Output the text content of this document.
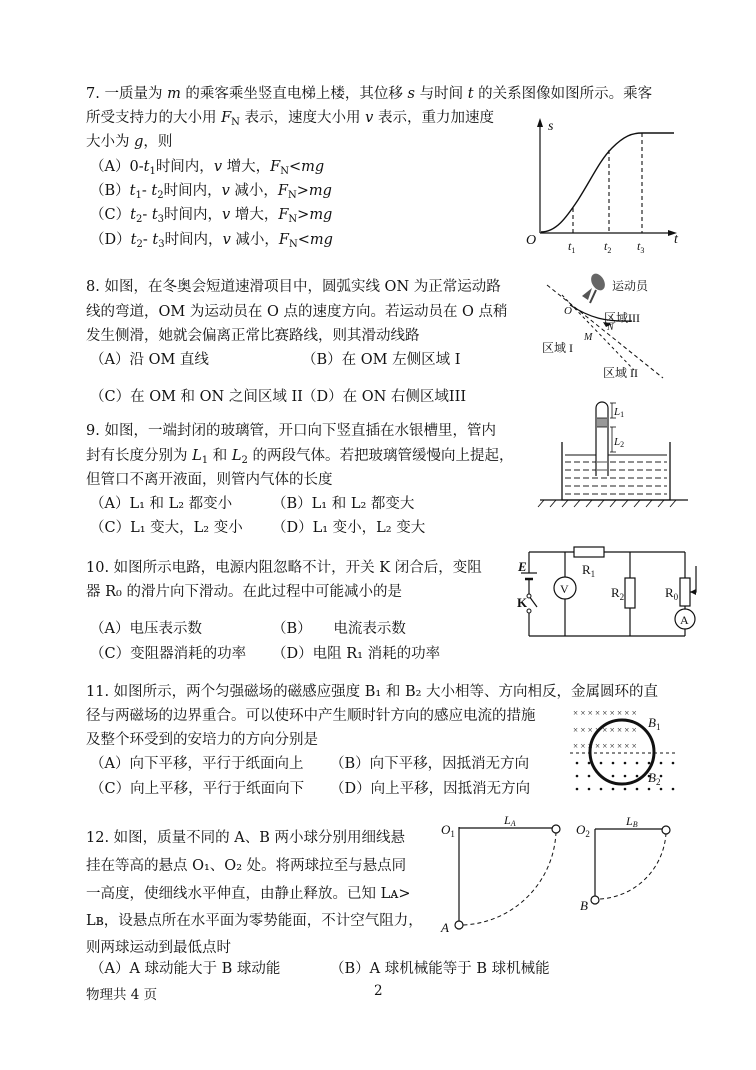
7. 一质量为 m 的乘客乘坐竖直电梯上楼，其位移 s 与时间 t 的关系图像如图所示。乘客
所受支持力的大小用 $F_N$ 表示，速度大小用 v 表示，重力加速度
大小为 g，则
$(A)0-t_1$时间内，v 增大，$F_N<mg$
$(B)t_1-$ $t_2$时间内，v 减小，$F_N>mg$
$(C)t_2-$ $t_3$时间内，v 增大，$F_N>mg$
$(D)t_2-$ $t_3$时间内，v 减小，$F_N<mg$
s
t
O	$t_1$ $t_2$ $t_3$
8. 如图，在冬奥会短道速滑项目中，圆弧实线 ON 为正常运动路
线的弯道，OM 为运动员在 O 点的速度方向。若运动员在 O 点稍
发生侧滑，她就会偏离正常比赛路线，则其滑动线路
（A）沿 OM 直线	（B）在 OM 左侧区域 I
（C）在 OM 和 ON 之间区域 II （D）在 ON 右侧区域III
运动员
O
N
M
区域III
区域 I
区域 II
9. 如图，一端封闭的玻璃管，开口向下竖直插在水银槽里，管内
封有长度分别为 $L_1$ 和 $L_2$ 的两段气体。若把玻璃管缓慢向上提起，
但管口不离开液面，则管内气体的长度
（A）L₁ 和 L₂ 都变小	（B）L₁ 和 L₂ 都变大
（C）L₁ 变大，L₂ 变小 （D）L₁ 变小，L₂ 变大
L1
L2
10. 如图所示电路，电源内阻忽略不计，开关 K 闭合后，变阻
器 R₀ 的滑片向下滑动。在此过程中可能减小的是
（A）电压表示数	（B）　　电流表示数
（C）变阻器消耗的功率 （D）电阻 R₁ 消耗的功率
V
A
E
K
$R_1$
$R_2$	$R_0$
11. 如图所示，两个匀强磁场的磁感应强度 B₁ 和 B₂ 大小相等、方向相反，金属圆环的直
径与两磁场的边界重合。可以使环中产生顺时针方向的感应电流的措施
及整个环受到的安培力的方向分别是
（A）向下平移，平行于纸面向上 （B）向下平移，因抵消无方向
（C）向上平移，平行于纸面向下 （D）向上平移，因抵消无方向
× × × × × × × × ×
× × × × × × × × ×
× × × × × × × × ×
$B_1$
$B_2$
12. 如图，质量不同的 A、B 两小球分别用细线悬
挂在等高的悬点 O₁、O₂ 处。将两球拉至与悬点同
一高度，使细线水平伸直，由静止释放。已知 Lᴀ>
Lʙ，设悬点所在水平面为零势能面，不计空气阻力，
则两球运动到最低点时
（A）A 球动能大于 B 球动能	（B）A 球机械能等于 B 球机械能
$O_1$
LA
A
$O_2$
LB
B
物理共 4 页	2
